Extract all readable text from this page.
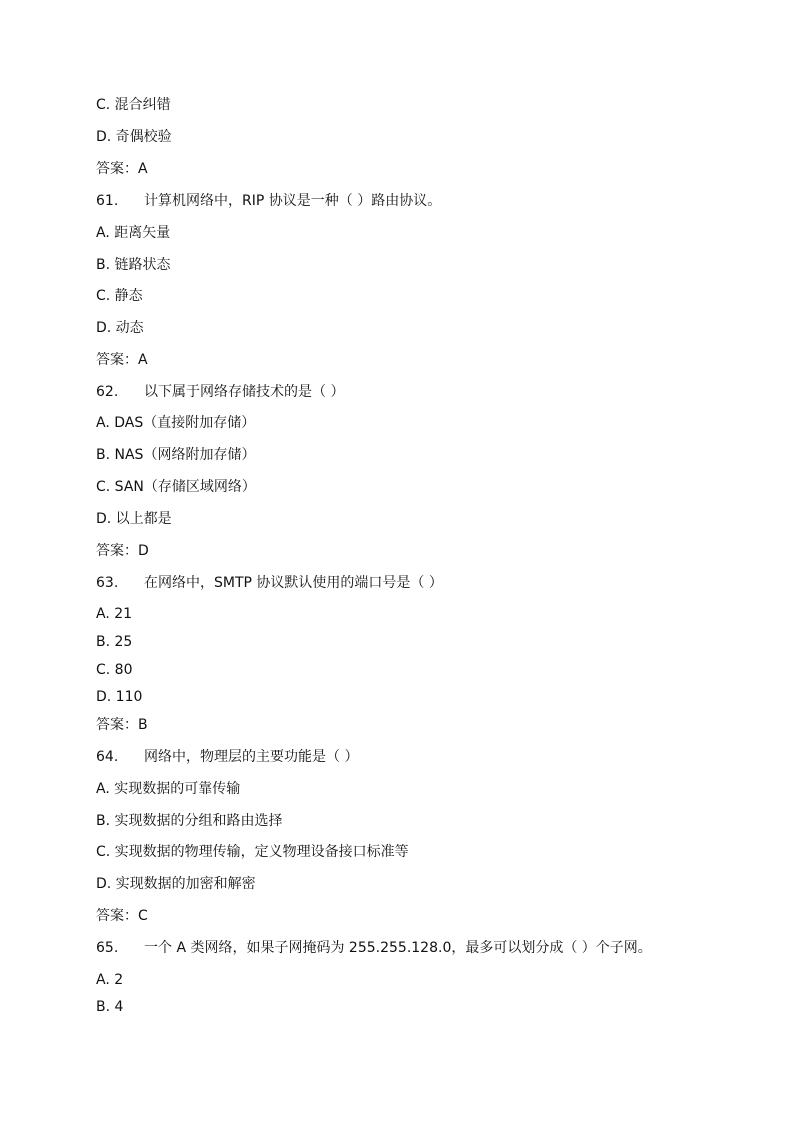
C. 混合纠错
D. 奇偶校验
答案：A
61. 计算机网络中，RIP 协议是一种（ ）路由协议。
A. 距离矢量
B. 链路状态
C. 静态
D. 动态
答案：A
62. 以下属于网络存储技术的是（ ）
A. DAS（直接附加存储）
B. NAS（网络附加存储）
C. SAN（存储区域网络）
D. 以上都是
答案：D
63. 在网络中，SMTP 协议默认使用的端口号是（ ）
A. 21
B. 25
C. 80
D. 110
答案：B
64. 网络中，物理层的主要功能是（ ）
A. 实现数据的可靠传输
B. 实现数据的分组和路由选择
C. 实现数据的物理传输，定义物理设备接口标准等
D. 实现数据的加密和解密
答案：C
65. 一个 A 类网络，如果子网掩码为 255.255.128.0，最多可以划分成（ ）个子网。
A. 2
B. 4
